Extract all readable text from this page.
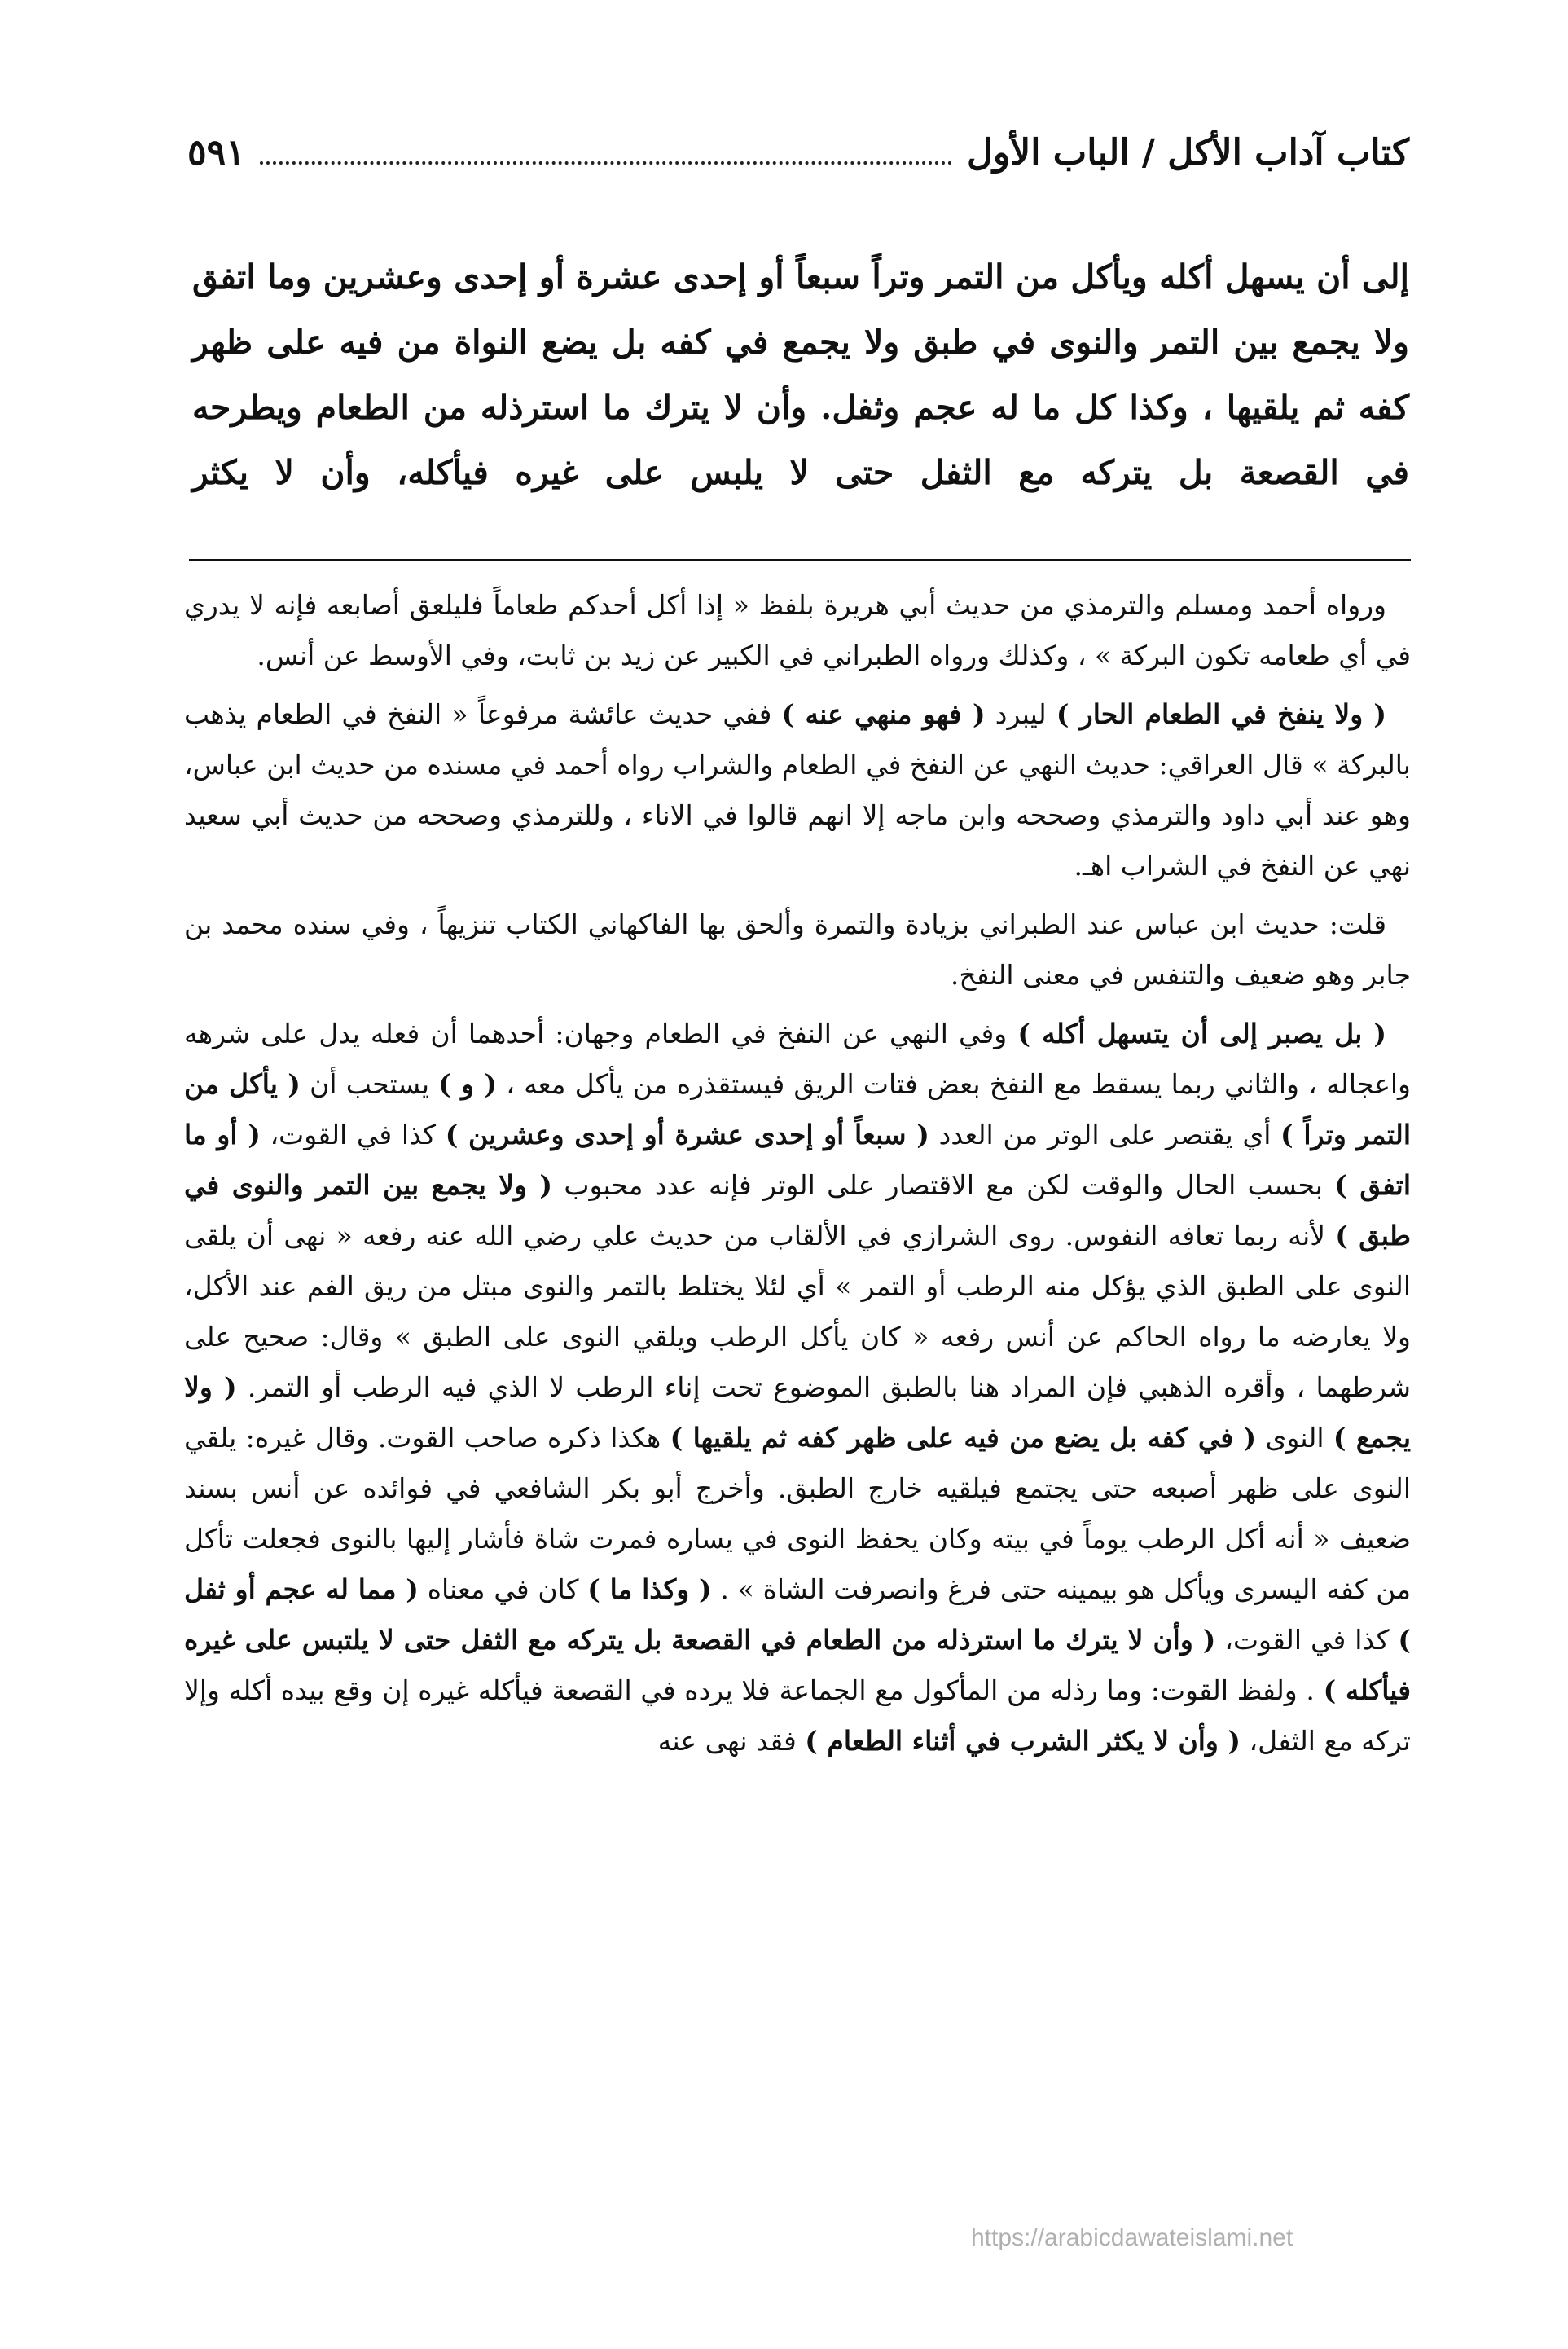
كتاب آداب الأكل / الباب الأول
٥٩١

إلى أن يسهل أكله ويأكل من التمر وتراً سبعاً أو إحدى عشرة أو إحدى وعشرين وما اتفق ولا يجمع بين التمر والنوى في طبق ولا يجمع في كفه بل يضع النواة من فيه على ظهر كفه ثم يلقيها ، وكذا كل ما له عجم وثفل. وأن لا يترك ما استرذله من الطعام ويطرحه في القصعة بل يتركه مع الثفل حتى لا يلبس على غيره فيأكله، وأن لا يكثر

ورواه أحمد ومسلم والترمذي من حديث أبي هريرة بلفظ « إذا أكل أحدكم طعاماً فليلعق أصابعه فإنه لا يدري في أي طعامه تكون البركة » ، وكذلك ورواه الطبراني في الكبير عن زيد بن ثابت، وفي الأوسط عن أنس.

( ولا ينفخ في الطعام الحار ) ليبرد ( فهو منهي عنه ) ففي حديث عائشة مرفوعاً « النفخ في الطعام يذهب بالبركة » قال العراقي: حديث النهي عن النفخ في الطعام والشراب رواه أحمد في مسنده من حديث ابن عباس، وهو عند أبي داود والترمذي وصححه وابن ماجه إلا انهم قالوا في الاناء ، وللترمذي وصححه من حديث أبي سعيد نهي عن النفخ في الشراب اهـ.

قلت: حديث ابن عباس عند الطبراني بزيادة والتمرة وألحق بها الفاكهاني الكتاب تنزيهاً ، وفي سنده محمد بن جابر وهو ضعيف والتنفس في معنى النفخ.

( بل يصبر إلى أن يتسهل أكله ) وفي النهي عن النفخ في الطعام وجهان: أحدهما أن فعله يدل على شرهه واعجاله ، والثاني ربما يسقط مع النفخ بعض فتات الريق فيستقذره من يأكل معه ، ( و ) يستحب أن ( يأكل من التمر وتراً ) أي يقتصر على الوتر من العدد ( سبعاً أو إحدى عشرة أو إحدى وعشرين ) كذا في القوت، ( أو ما اتفق ) بحسب الحال والوقت لكن مع الاقتصار على الوتر فإنه عدد محبوب ( ولا يجمع بين التمر والنوى في طبق ) لأنه ربما تعافه النفوس. روى الشرازي في الألقاب من حديث علي رضي الله عنه رفعه « نهى أن يلقى النوى على الطبق الذي يؤكل منه الرطب أو التمر » أي لئلا يختلط بالتمر والنوى مبتل من ريق الفم عند الأكل، ولا يعارضه ما رواه الحاكم عن أنس رفعه « كان يأكل الرطب ويلقي النوى على الطبق » وقال: صحيح على شرطهما ، وأقره الذهبي فإن المراد هنا بالطبق الموضوع تحت إناء الرطب لا الذي فيه الرطب أو التمر. ( ولا يجمع ) النوى ( في كفه بل يضع من فيه على ظهر كفه ثم يلقيها ) هكذا ذكره صاحب القوت. وقال غيره: يلقي النوى على ظهر أصبعه حتى يجتمع فيلقيه خارج الطبق. وأخرج أبو بكر الشافعي في فوائده عن أنس بسند ضعيف « أنه أكل الرطب يوماً في بيته وكان يحفظ النوى في يساره فمرت شاة فأشار إليها بالنوى فجعلت تأكل من كفه اليسرى ويأكل هو بيمينه حتى فرغ وانصرفت الشاة » . ( وكذا ما ) كان في معناه ( مما له عجم أو ثفل ) كذا في القوت، ( وأن لا يترك ما استرذله من الطعام في القصعة بل يتركه مع الثفل حتى لا يلتبس على غيره فيأكله ) . ولفظ القوت: وما رذله من المأكول مع الجماعة فلا يرده في القصعة فيأكله غيره إن وقع بيده أكله وإلا تركه مع الثفل، ( وأن لا يكثر الشرب في أثناء الطعام ) فقد نهى عنه

https://arabicdawateislami.net
